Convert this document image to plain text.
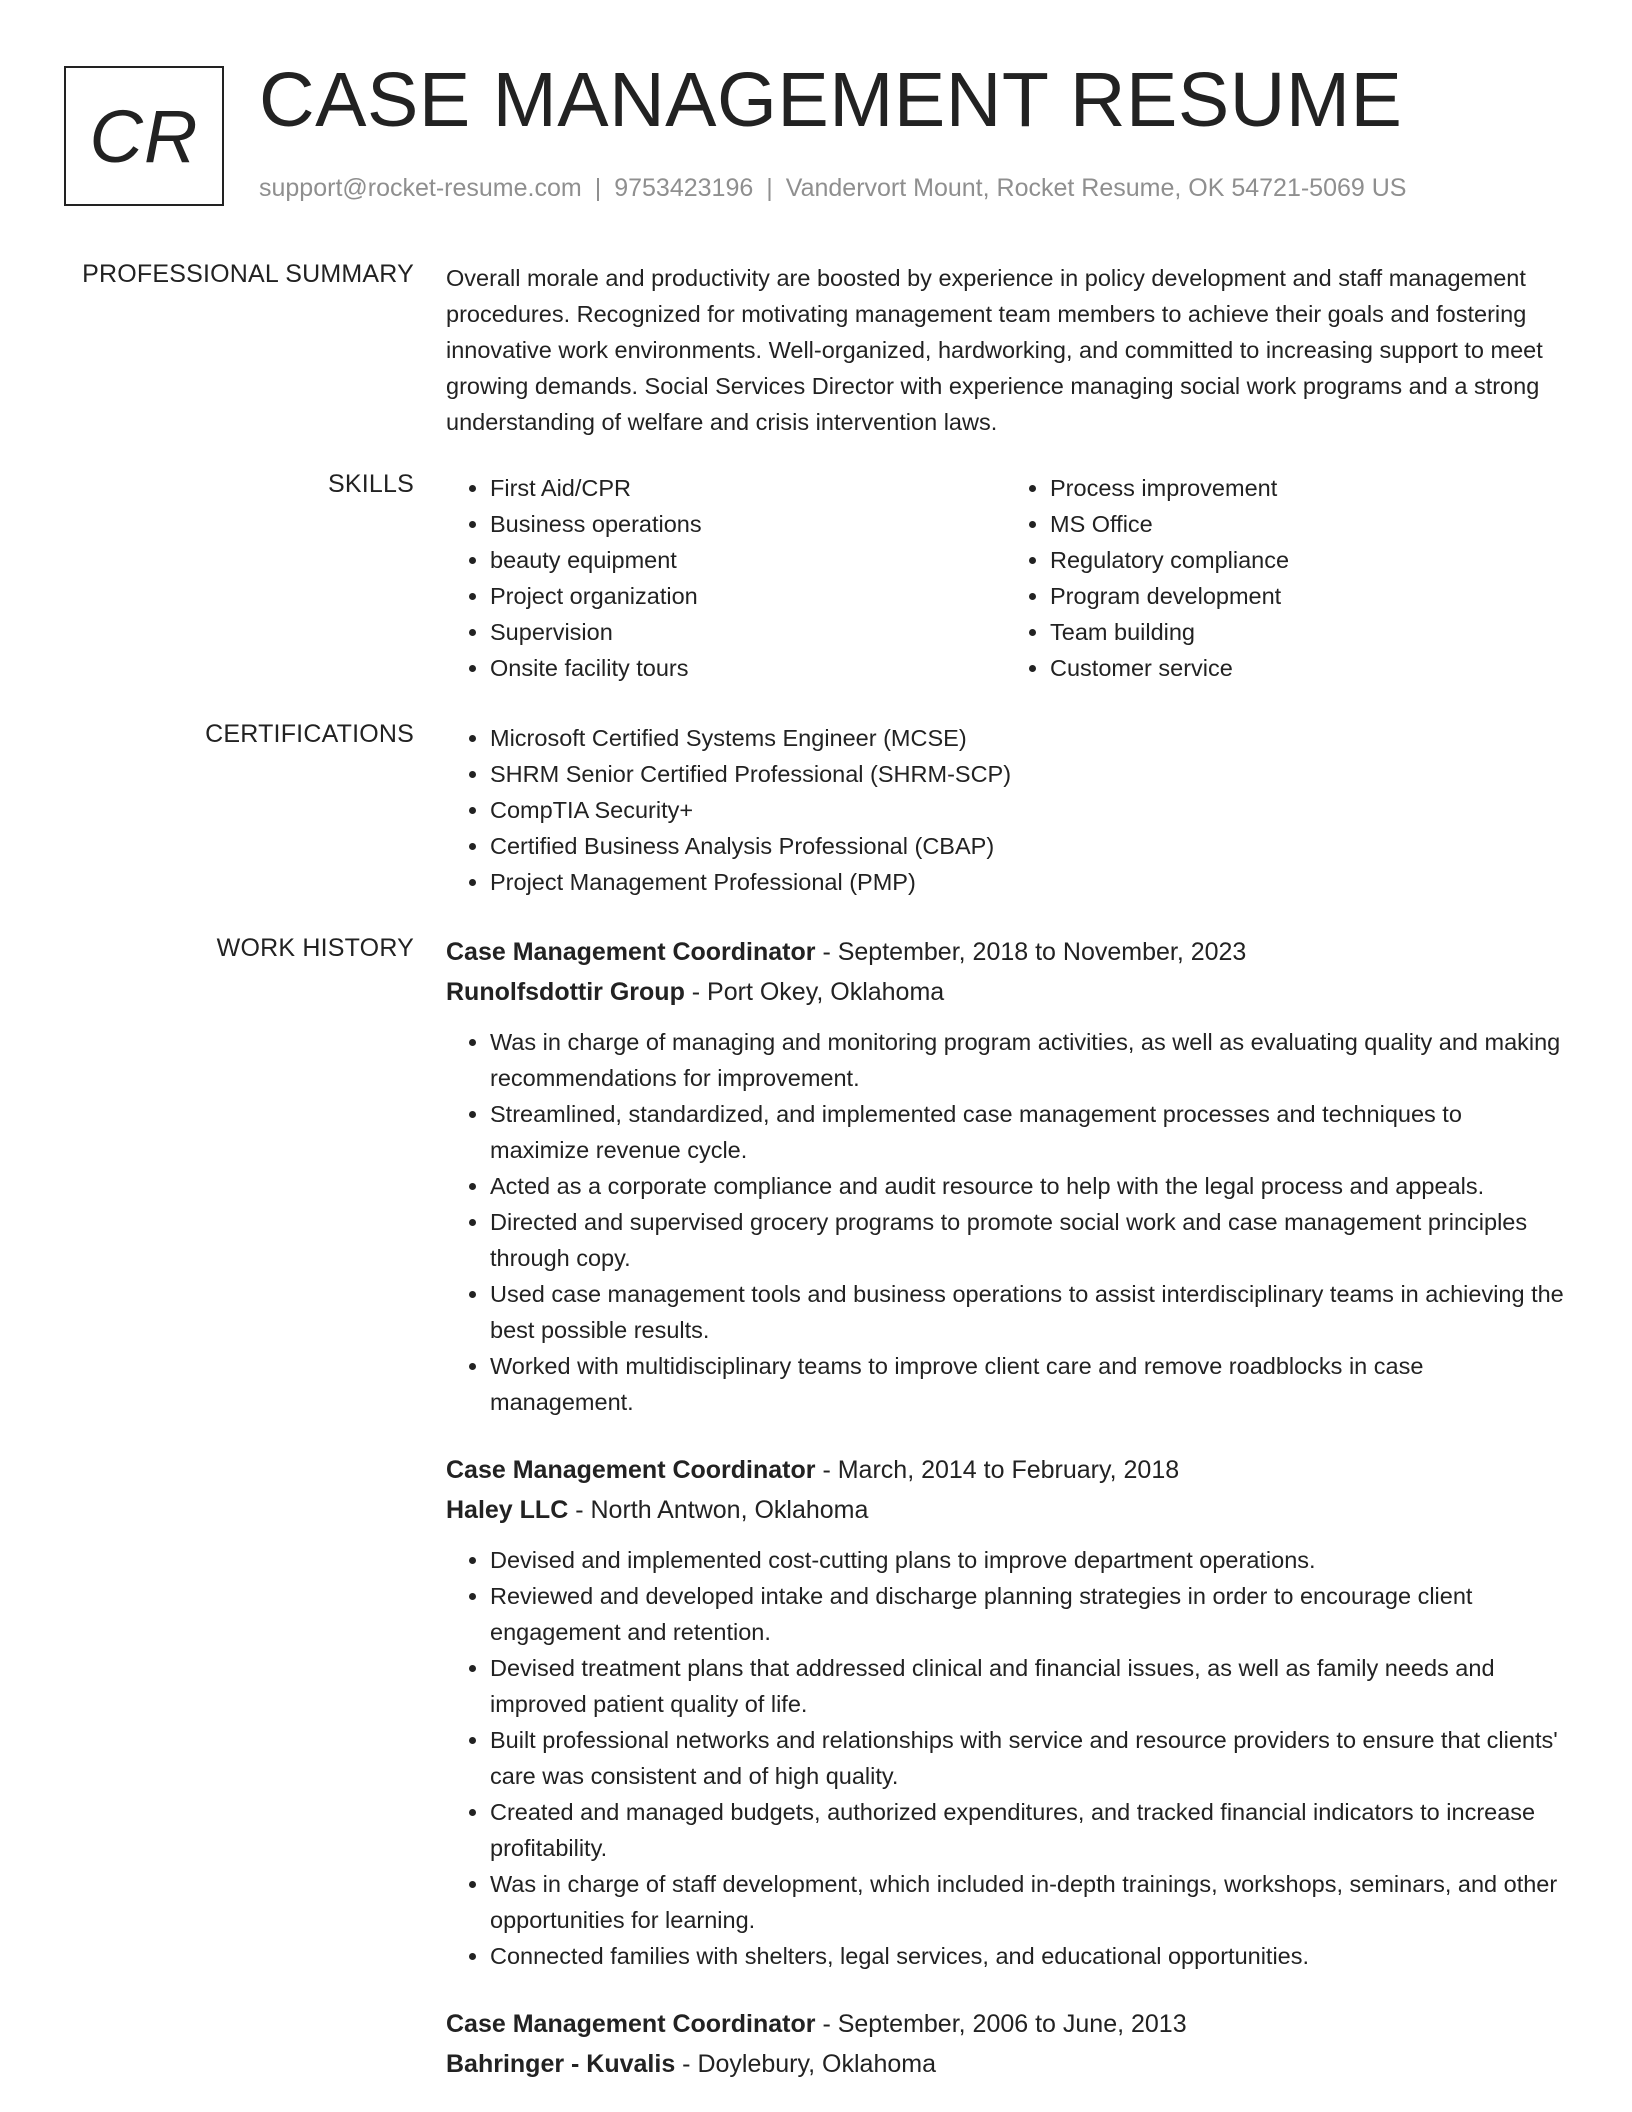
CR CASE MANAGEMENT RESUME
support@rocket-resume.com | 9753423196 | Vandervort Mount, Rocket Resume, OK 54721-5069 US
PROFESSIONAL SUMMARY Overall morale and productivity are boosted by experience in policy development and staff management procedures. Recognized for motivating management team members to achieve their goals and fostering innovative work environments. Well-organized, hardworking, and committed to increasing support to meet growing demands. Social Services Director with experience managing social work programs and a strong understanding of welfare and crisis intervention laws.

SKILLS	• First Aid/CPR
• Business operations
• beauty equipment
• Project organization
• Supervision
• Onsite facility tours
• Process improvement
• MS Office
• Regulatory compliance
• Program development
• Team building
• Customer service
CERTIFICATIONS	• Microsoft Certified Systems Engineer (MCSE)
• SHRM Senior Certified Professional (SHRM-SCP)
• CompTIA Security+
• Certified Business Analysis Professional (CBAP)
• Project Management Professional (PMP)
WORK HISTORY Case Management Coordinator - September, 2018 to November, 2023
Runolfsdottir Group - Port Okey, Oklahoma
• Was in charge of managing and monitoring program activities, as well as evaluating quality and making recommendations for improvement.
• Streamlined, standardized, and implemented case management processes and techniques to maximize revenue cycle.
• Acted as a corporate compliance and audit resource to help with the legal process and appeals.
• Directed and supervised grocery programs to promote social work and case management principles through copy.
• Used case management tools and business operations to assist interdisciplinary teams in achieving the best possible results.
• Worked with multidisciplinary teams to improve client care and remove roadblocks in case management.
Case Management Coordinator - March, 2014 to February, 2018
Haley LLC - North Antwon, Oklahoma
• Devised and implemented cost-cutting plans to improve department operations.
• Reviewed and developed intake and discharge planning strategies in order to encourage client engagement and retention.
• Devised treatment plans that addressed clinical and financial issues, as well as family needs and improved patient quality of life.
• Built professional networks and relationships with service and resource providers to ensure that clients' care was consistent and of high quality.
• Created and managed budgets, authorized expenditures, and tracked financial indicators to increase profitability.
• Was in charge of staff development, which included in-depth trainings, workshops, seminars, and other opportunities for learning.
• Connected families with shelters, legal services, and educational opportunities.
Case Management Coordinator - September, 2006 to June, 2013
Bahringer - Kuvalis - Doylebury, Oklahoma
